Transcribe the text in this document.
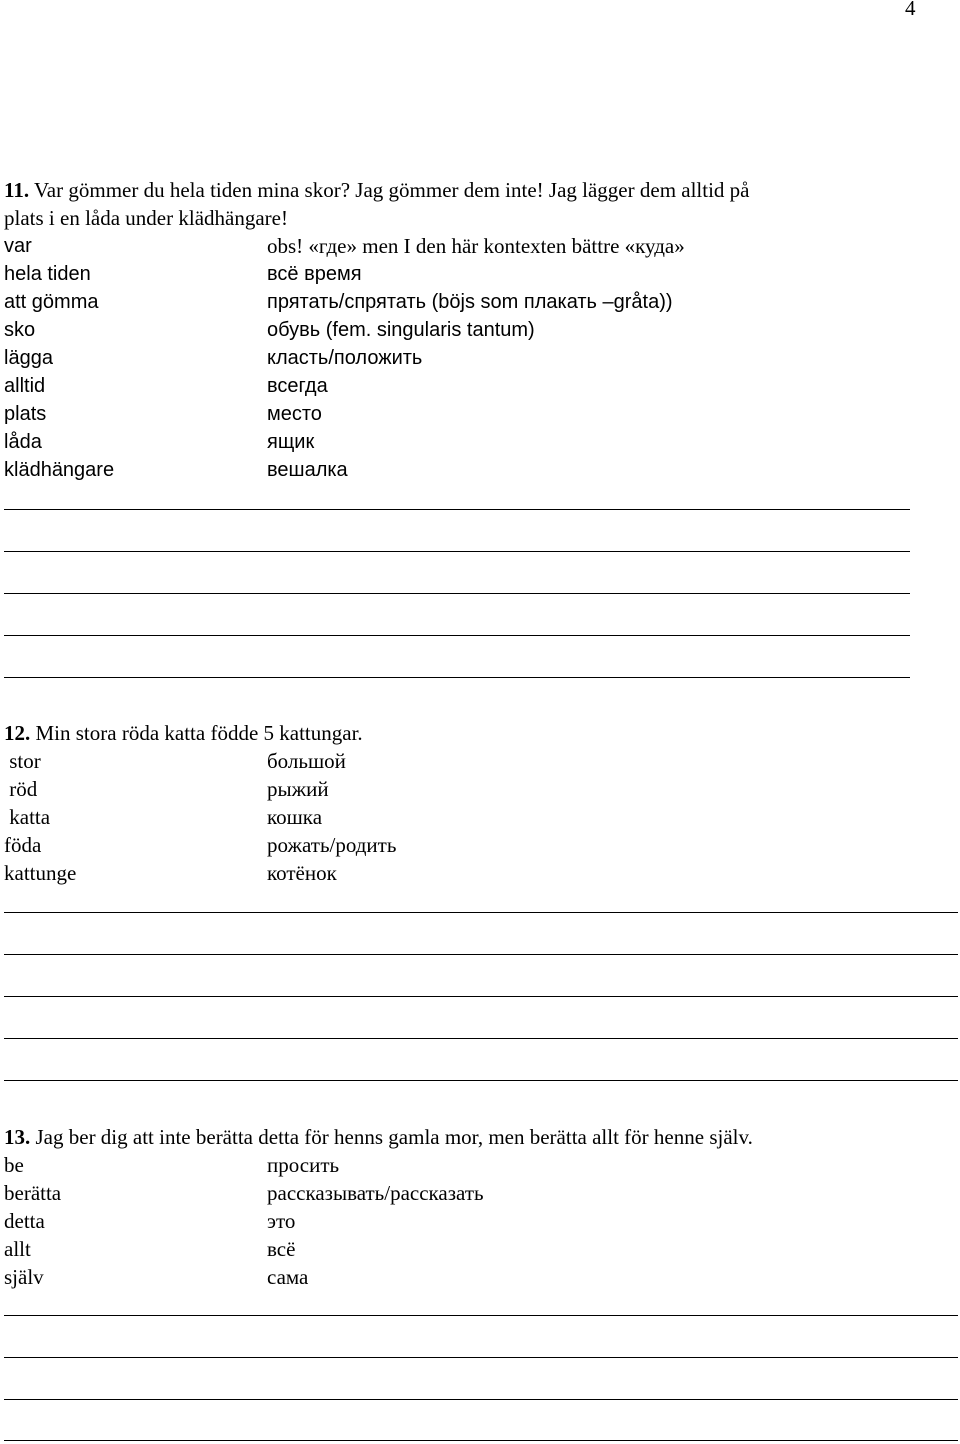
4

11. Var gömmer du hela tiden mina skor? Jag gömmer dem inte! Jag lägger dem alltid på
plats i en låda under klädhängare!

var	obs! «где» men I den här kontexten bättre «куда»
hela tiden	всё время
att gömma	прятать/спрятать (böjs som плакать –gråta))
sko	обувь (fem. singularis tantum)
lägga	класть/положить
alltid	всегда
plats	место
låda	ящик
klädhängare	вешалка

12. Min stora röda katta födde 5 kattungar.

stor	большой
röd	рыжий
katta	кошка
föda	рожать/родить
kattunge	котёнок

13. Jag ber dig att inte berätta detta för henns gamla mor, men berätta allt för henne själv.

be	просить
berätta	рассказывать/рассказать
detta	это
allt	всё
själv	сама
